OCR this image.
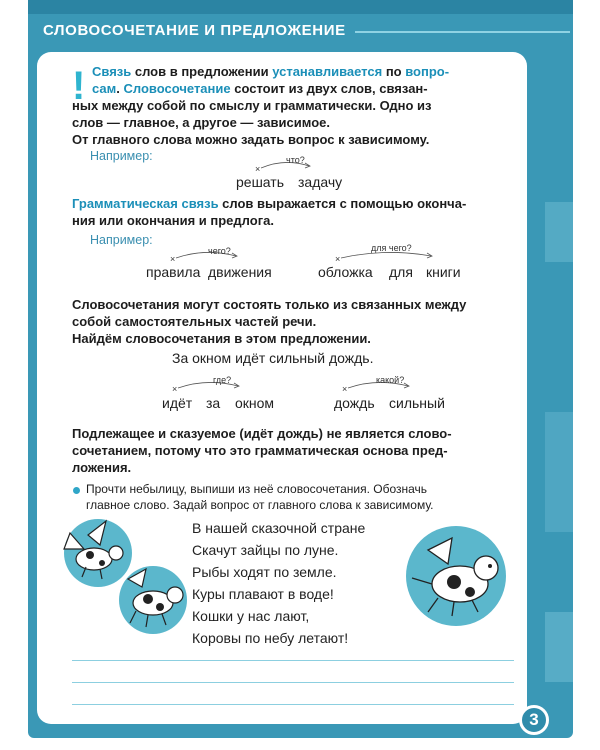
СЛОВОСОЧЕТАНИЕ И ПРЕДЛОЖЕНИЕ
! Связь слов в предложении устанавливается по вопро-
сам. Словосочетание состоит из двух слов, связан-
ных между собой по смыслу и грамматически. Одно из
слов — главное, а другое — зависимое.
От главного слова можно задать вопрос к зависимому.
Например:
×
что?
решать задачу
Грамматическая связь слов выражается с помощью оконча-
ния или окончания и предлога.
Например:
×
чего?
правила движения
×
для чего?
обложка для книги
Словосочетания могут состоять только из связанных между
собой самостоятельных частей речи.
Найдём словосочетания в этом предложении.
За окном идёт сильный дождь.
×
где?
идёт за окном
×
какой?
дождь сильный
Подлежащее и сказуемое (идёт дождь) не является слово-
сочетанием, потому что это грамматическая основа пред-
ложения.
Прочти небылицу, выпиши из неё словосочетания. Обозначь
главное слово. Задай вопрос от главного слова к зависимому.
В нашей сказочной стране
Скачут зайцы по луне.
Рыбы ходят по земле.
Куры плавают в воде!
Кошки у нас лают,
Коровы по небу летают!
3
